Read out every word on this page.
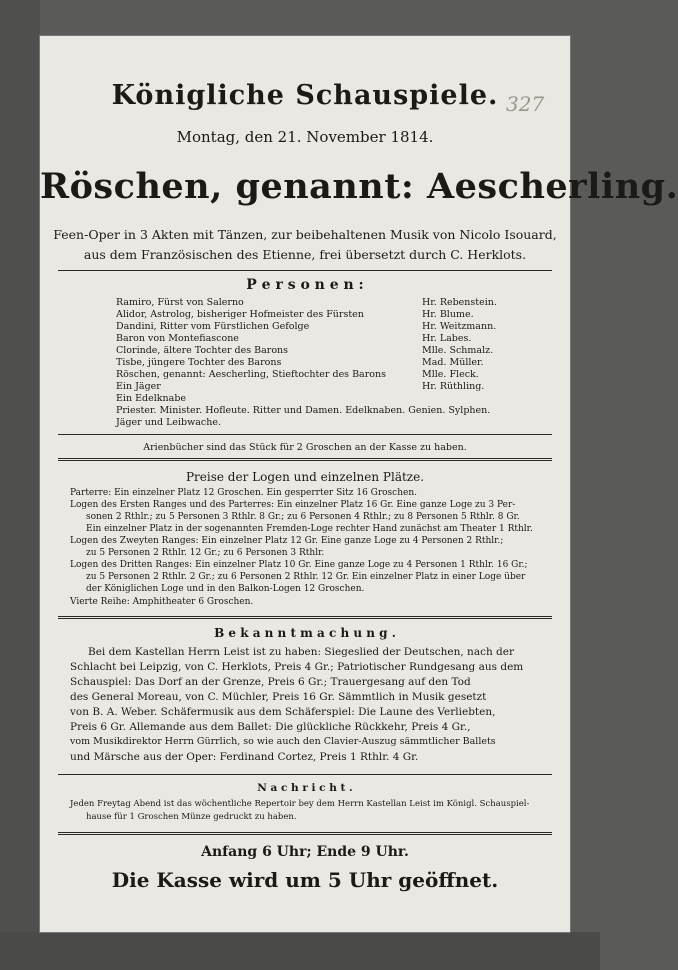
Königliche Schauspiele. 327
Montag, den 21. November 1814.
Röschen, genannt: Aescherling.
Feen-Oper in 3 Akten mit Tänzen, zur beibehaltenen Musik von Nicolo Isouard,
aus dem Französischen des Etienne, frei übersetzt durch C. Herklots.
P e r s o n e n :
Ramiro, Fürst von Salerno	Hr. Rebenstein.
Alidor, Astrolog, bisheriger Hofmeister des Fürsten	Hr. Blume.
Dandini, Ritter vom Fürstlichen Gefolge	Hr. Weitzmann.
Baron von Montefiascone	Hr. Labes.
Clorinde, ältere Tochter des Barons	Mlle. Schmalz.
Tisbe, jüngere Tochter des Barons	Mad. Müller.
Röschen, genannt: Aescherling, Stieftochter des Barons	Mlle. Fleck.
Ein Jäger	Hr. Rüthling.
Ein Edelknabe
Priester. Minister. Hofleute. Ritter und Damen. Edelknaben. Genien. Sylphen.
Jäger und Leibwache.
Arienbücher sind das Stück für 2 Groschen an der Kasse zu haben.
Preise der Logen und einzelnen Plätze.
Parterre: Ein einzelner Platz 12 Groschen. Ein gesperrter Sitz 16 Groschen.
Logen des Ersten Ranges und des Parterres: Ein einzelner Platz 16 Gr. Eine ganze Loge zu 3 Per-
sonen 2 Rthlr.; zu 5 Personen 3 Rthlr. 8 Gr.; zu 6 Personen 4 Rthlr.; zu 8 Personen 5 Rthlr. 8 Gr.
Ein einzelner Platz in der sogenannten Fremden-Loge rechter Hand zunächst am Theater 1 Rthlr.
Logen des Zweyten Ranges: Ein einzelner Platz 12 Gr. Eine ganze Loge zu 4 Personen 2 Rthlr.;
zu 5 Personen 2 Rthlr. 12 Gr.; zu 6 Personen 3 Rthlr.
Logen des Dritten Ranges: Ein einzelner Platz 10 Gr. Eine ganze Loge zu 4 Personen 1 Rthlr. 16 Gr.;
zu 5 Personen 2 Rthlr. 2 Gr.; zu 6 Personen 2 Rthlr. 12 Gr. Ein einzelner Platz in einer Loge über
der Königlichen Loge und in den Balkon-Logen 12 Groschen.
Vierte Reihe: Amphitheater 6 Groschen.
B e k a n n t m a c h u n g .
Bei dem Kastellan Herrn Leist ist zu haben: Siegeslied der Deutschen, nach der
Schlacht bei Leipzig, von C. Herklots, Preis 4 Gr.; Patriotischer Rundgesang aus dem
Schauspiel: Das Dorf an der Grenze, Preis 6 Gr.; Trauergesang auf den Tod
des General Moreau, von C. Müchler, Preis 16 Gr. Sämmtlich in Musik gesetzt
von B. A. Weber. Schäfermusik aus dem Schäferspiel: Die Laune des Verliebten,
Preis 6 Gr. Allemande aus dem Ballet: Die glückliche Rückkehr, Preis 4 Gr.,
vom Musikdirektor Herrn Gürrlich, so wie auch den Clavier-Auszug sämmtlicher Ballets
und Märsche aus der Oper: Ferdinand Cortez, Preis 1 Rthlr. 4 Gr.
N a c h r i c h t .
Jeden Freytag Abend ist das wöchentliche Repertoir bey dem Herrn Kastellan Leist im Königl. Schauspiel-
hause für 1 Groschen Münze gedruckt zu haben.
Anfang 6 Uhr; Ende 9 Uhr.
Die Kasse wird um 5 Uhr geöffnet.
